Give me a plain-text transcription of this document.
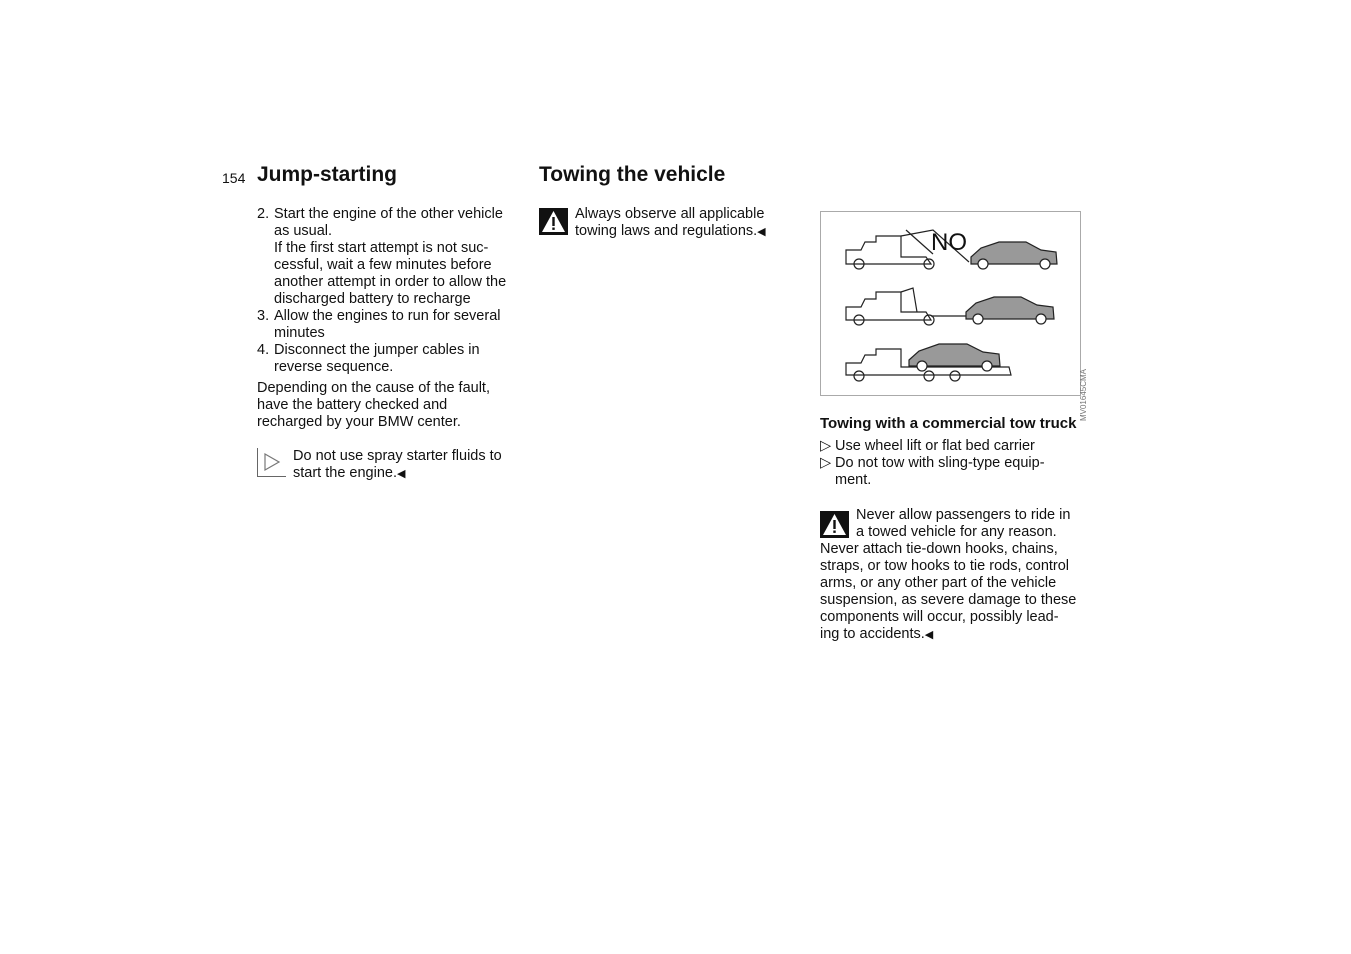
154 Jump-starting	Towing the vehicle
2. Start the engine of the other vehicle
as usual.
If the first start attempt is not suc-
cessful, wait a few minutes before
another attempt in order to allow the
discharged battery to recharge
3. Allow the engines to run for several
minutes
4. Disconnect the jumper cables in
reverse sequence.
Depending on the cause of the fault,
have the battery checked and
recharged by your BMW center.
Do not use spray starter fluids to
start the engine.◀
Always observe all applicable
towing laws and regulations.◀	NO
MV01645CMA
Towing with a commercial tow truck
▷ Use wheel lift or flat bed carrier
▷ Do not tow with sling-type equip-
ment.
Never allow passengers to ride in
a towed vehicle for any reason.
Never attach tie-down hooks, chains,
straps, or tow hooks to tie rods, control
arms, or any other part of the vehicle
suspension, as severe damage to these
components will occur, possibly lead-
ing to accidents.◀
